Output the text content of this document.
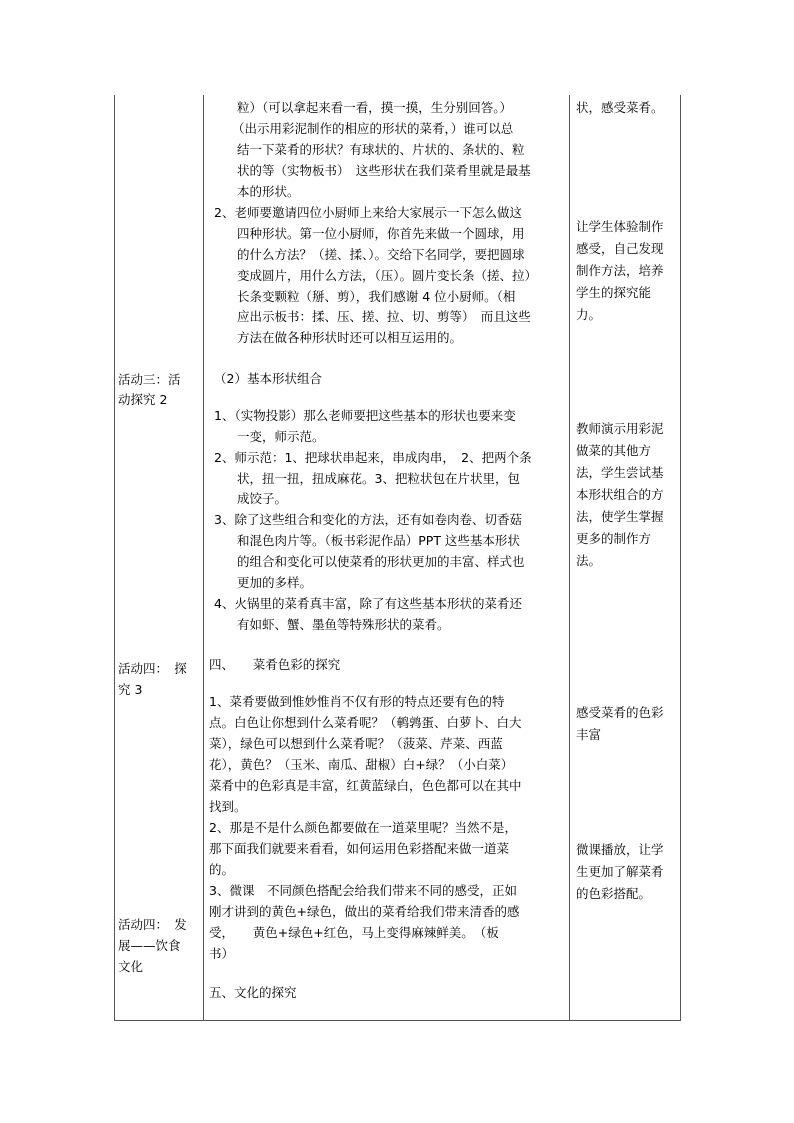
活动三：活
动探究 2
活动四：　探
究 3
活动四：　发
展——饮食
文化
粒）（可以拿起来看一看，摸一摸，生分别回答。）
（出示用彩泥制作的相应的形状的菜肴，）谁可以总
结一下菜肴的形状？有球状的、片状的、条状的、粒
状的等（实物板书）　这些形状在我们菜肴里就是最基
本的形状。
2、老师要邀请四位小厨师上来给大家展示一下怎么做这
四种形状。第一位小厨师，你首先来做一个圆球，用
的什么方法？（搓、揉、）。交给下名同学，要把圆球
变成圆片，用什么方法，（压）。圆片变长条（搓、拉）
长条变颗粒（掰、剪），我们感谢 4 位小厨师。（相
应出示板书：揉、压、搓、拉、切、剪等）　而且这些
方法在做各种形状时还可以相互运用的。
（2）基本形状组合
1、（实物投影）那么老师要把这些基本的形状也要来变
一变，师示范。
2、师示范：1、把球状串起来，串成肉串，　2、把两个条
状，扭一扭，扭成麻花。3、把粒状包在片状里，包
成饺子。
3、除了这些组合和变化的方法，还有如卷肉卷、切香菇
和混色肉片等。（板书彩泥作品）PPT 这些基本形状
的组合和变化可以使菜肴的形状更加的丰富、样式也
更加的多样。
4、火锅里的菜肴真丰富，除了有这些基本形状的菜肴还
有如虾、蟹、墨鱼等特殊形状的菜肴。
四、　　菜肴色彩的探究
1、菜肴要做到惟妙惟肖不仅有形的特点还要有色的特
点。白色让你想到什么菜肴呢？（鹌鹑蛋、白萝卜、白大
菜），绿色可以想到什么菜肴呢？（菠菜、芹菜、西蓝
花），黄色？（玉米、南瓜、甜椒）白+绿？（小白菜）
菜肴中的色彩真是丰富，红黄蓝绿白，色色都可以在其中
找到。
2、那是不是什么颜色都要做在一道菜里呢？当然不是，
那下面我们就要来看看，如何运用色彩搭配来做一道菜
的。
3、微课　不同颜色搭配会给我们带来不同的感受，正如
刚才讲到的黄色+绿色，做出的菜肴给我们带来清香的感
受，　　黄色+绿色+红色，马上变得麻辣鲜美。　（板
书）
五、文化的探究
状，感受菜肴。
让学生体验制作
感受，自己发现
制作方法，培养
学生的探究能
力。
教师演示用彩泥
做菜的其他方
法，学生尝试基
本形状组合的方
法，使学生掌握
更多的制作方
法。
感受菜肴的色彩
丰富
微课播放，让学
生更加了解菜肴
的色彩搭配。
